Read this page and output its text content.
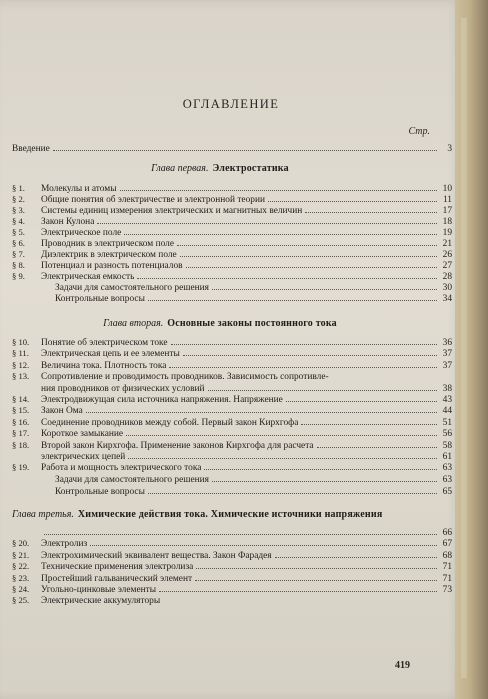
ОГЛАВЛЕНИЕ
Стр.
Введение	3
Глава первая. Электростатика
§ 1.	Молекулы и атомы	10
§ 2.	Общие понятия об электричестве и электронной теории	11
§ 3.	Системы единиц измерения электрических и магнитных величин	17
§ 4.	Закон Кулона	18
§ 5.	Электрическое поле	19
§ 6.	Проводник в электрическом поле	21
§ 7.	Диэлектрик в электрическом поле	26
§ 8.	Потенциал и разность потенциалов	27
§ 9.	Электрическая емкость	28
Задачи для самостоятельного решения	30
Контрольные вопросы	34
Глава вторая. Основные законы постоянного тока
§ 10.	Понятие об электрическом токе	36
§ 11.	Электрическая цепь и ее элементы	37
§ 12.	Величина тока. Плотность тока	37
§ 13.	Сопротивление и проводимость проводников. Зависимость сопротивле-
ния проводников от физических условий	38
§ 14.	Электродвижущая сила источника напряжения. Напряжение	43
§ 15.	Закон Ома	44
§ 16.	Соединение проводников между собой. Первый закон Кирхгофа	51
§ 17.	Короткое замыкание	56
§ 18.	Второй закон Кирхгофа. Применение законов Кирхгофа для расчета	58
электрических цепей	61
§ 19.	Работа и мощность электрического тока	63
Задачи для самостоятельного решения	63
Контрольные вопросы	65
Глава третья. Химические действия тока. Химические источники напряжения
66
§ 20.	Электролиз	67
§ 21.	Электрохимический эквивалент вещества. Закон Фарадея	68
§ 22.	Технические применения электролиза	71
§ 23.	Простейший гальванический элемент	71
§ 24.	Угольно-цинковые элементы	73
§ 25.	Электрические аккумуляторы
419
